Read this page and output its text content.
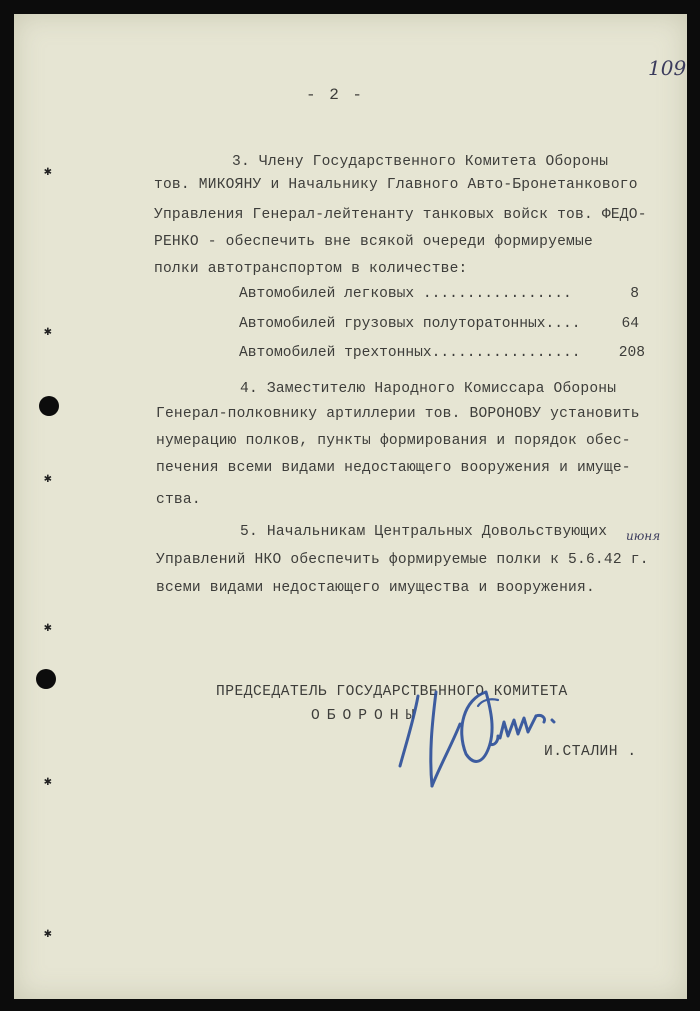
109
- 2 -
3. Члену Государственного Комитета Обороны
тов. МИКОЯНУ и Начальнику Главного Авто-Бронетанкового
Управления Генерал-лейтенанту танковых войск тов. ФЕДО-
РЕНКО - обеспечить вне всякой очереди формируемые
полки автотранспортом в количестве:
Автомобилей легковых .................	8
Автомобилей грузовых полуторатонных....	64
Автомобилей трехтонных.................	208
4. Заместителю Народного Комиссара Обороны
Генерал-полковнику артиллерии тов. ВОРОНОВУ установить
нумерацию полков, пункты формирования и порядок обес-
печения всеми видами недостающего вооружения и имуще-
ства.
5. Начальникам Центральных Довольствующих
Управлений НКО обеспечить формируемые полки к 5.6.42 г.
всеми видами недостающего имущества и вооружения.
июня
ПРЕДСЕДАТЕЛЬ ГОСУДАРСТВЕННОГО КОМИТЕТА
ОБОРОНЫ
И.СТАЛИН .
✱
✱
✱
✱
✱
✱
